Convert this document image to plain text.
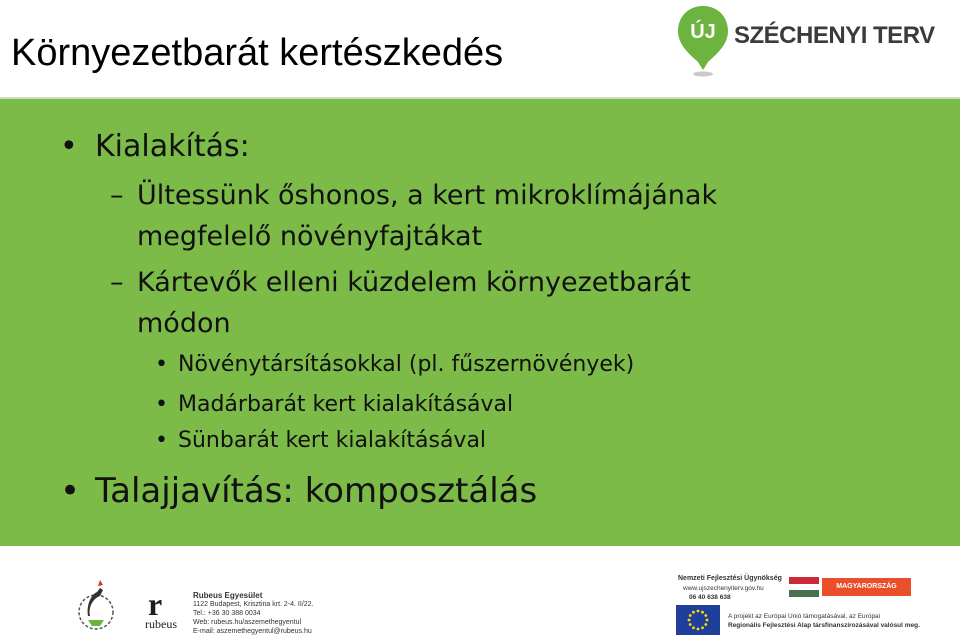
Környezetbarát kertészkedés	ÚJ SZÉCHENYI TERV
• Kialakítás:
– Ültessünk őshonos, a kert mikroklímájának
megfelelő növényfajtákat
– Kártevők elleni küzdelem környezetbarát
módon
• Növénytársításokkal (pl. fűszernövények)
• Madárbarát kert kialakításával
• Sünbarát kert kialakításával
• Talajjavítás: komposztálás
r
rubeus
Rubeus Egyesület
1122 Budapest, Krisztina krt. 2-4. II/22.
Tel.: +36 30 388 0034
Web: rubeus.hu/aszemethegyentul
E-mail: aszemethegyentul@rubeus.hu
Nemzeti Fejlesztési Ügynökség
www.ujszechenyiterv.gov.hu
06 40 638 638
A projekt az Európai Unió támogatásával, az Európai
Regionális Fejlesztési Alap társfinanszírozásával valósul meg.
MAGYARORSZÁG MEGÚJUL
